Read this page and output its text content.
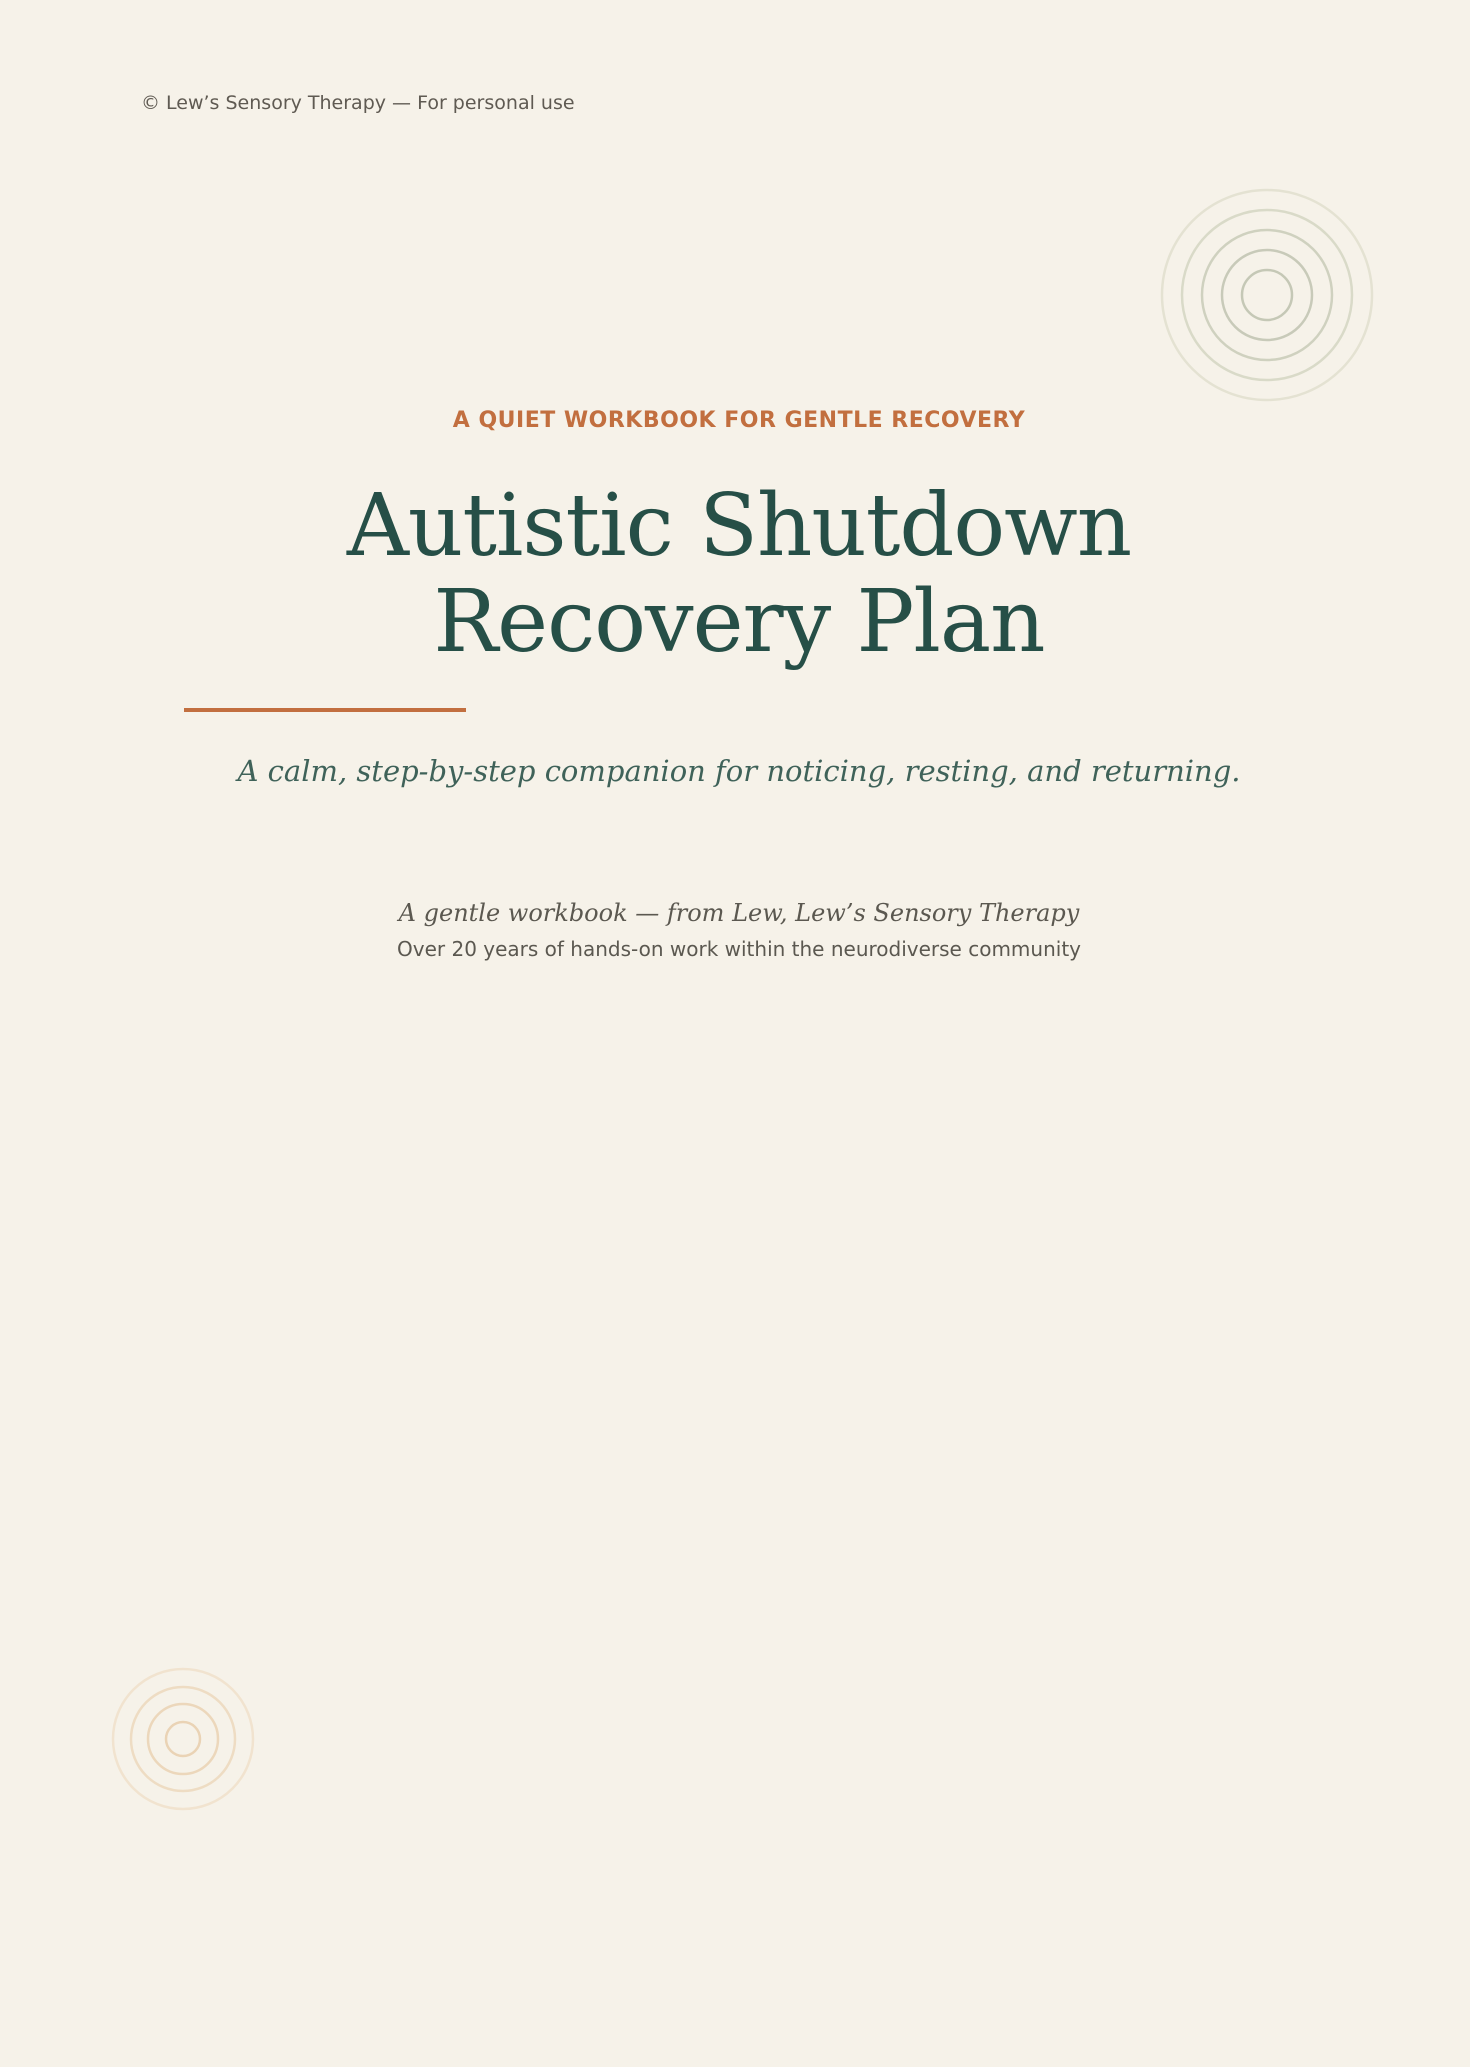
© Lew’s Sensory Therapy — For personal use
A QUIET WORKBOOK FOR GENTLE RECOVERY
Autistic Shutdown
Recovery Plan
A calm, step-by-step companion for noticing, resting, and returning.
A gentle workbook — from Lew, Lew’s Sensory Therapy
Over 20 years of hands-on work within the neurodiverse community
